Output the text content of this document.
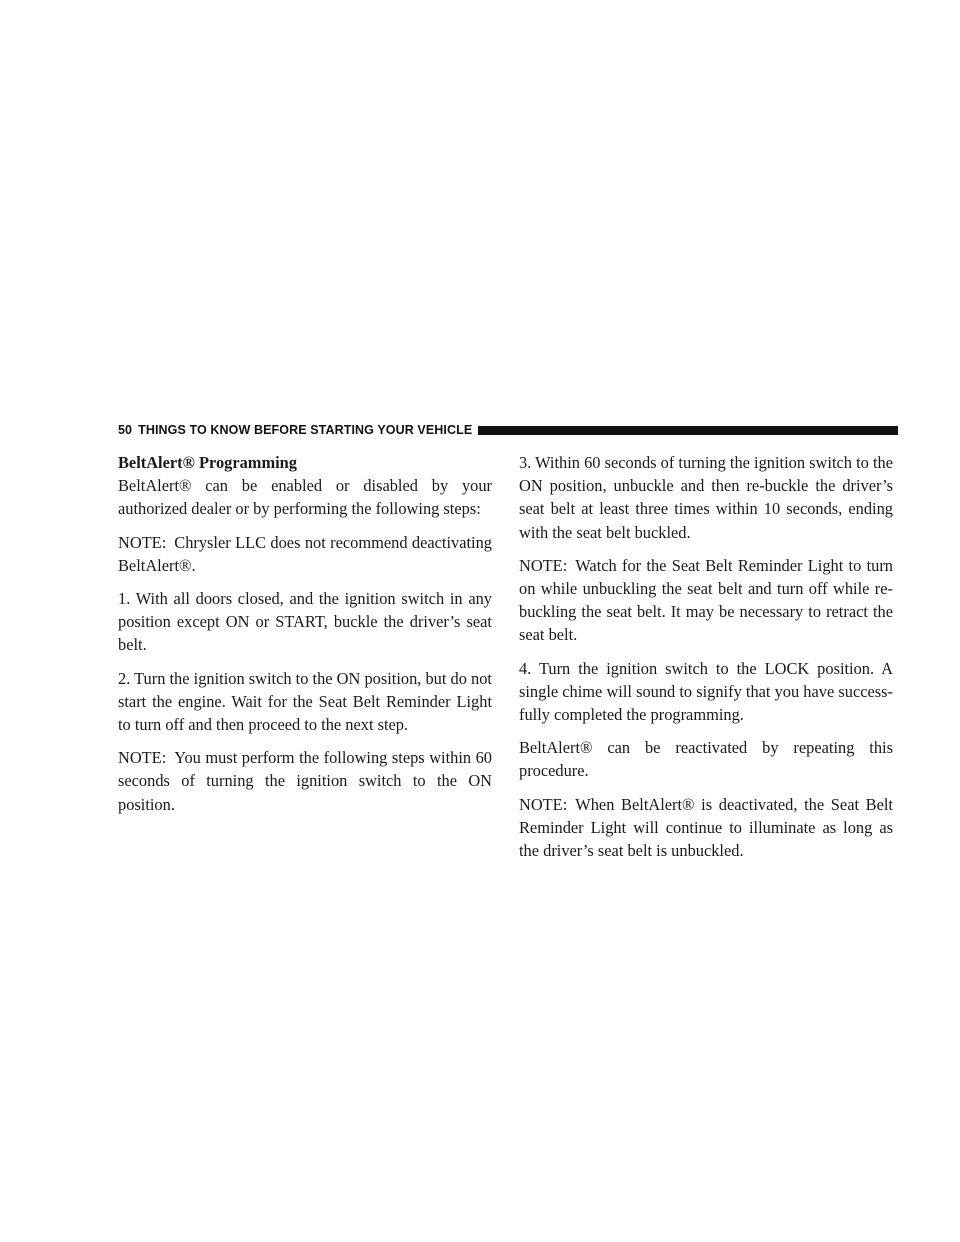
50 THINGS TO KNOW BEFORE STARTING YOUR VEHICLE

BeltAlert® Programming

BeltAlert® can be enabled or disabled by your authorized dealer or by performing the following steps:

NOTE: Chrysler LLC does not recommend deactivating BeltAlert®.

1. With all doors closed, and the ignition switch in any position except ON or START, buckle the driver’s seat belt.

2. Turn the ignition switch to the ON position, but do not start the engine. Wait for the Seat Belt Reminder Light to turn off and then proceed to the next step.

NOTE: You must perform the following steps within 60 seconds of turning the ignition switch to the ON position.

3. Within 60 seconds of turning the ignition switch to the ON position, unbuckle and then re-buckle the driver’s seat belt at least three times within 10 seconds, ending with the seat belt buckled.

NOTE: Watch for the Seat Belt Reminder Light to turn on while unbuckling the seat belt and turn off while re-buckling the seat belt. It may be necessary to retract the seat belt.

4. Turn the ignition switch to the LOCK position. A single chime will sound to signify that you have success-fully completed the programming.

BeltAlert® can be reactivated by repeating this procedure.

NOTE: When BeltAlert® is deactivated, the Seat Belt Reminder Light will continue to illuminate as long as the driver’s seat belt is unbuckled.
